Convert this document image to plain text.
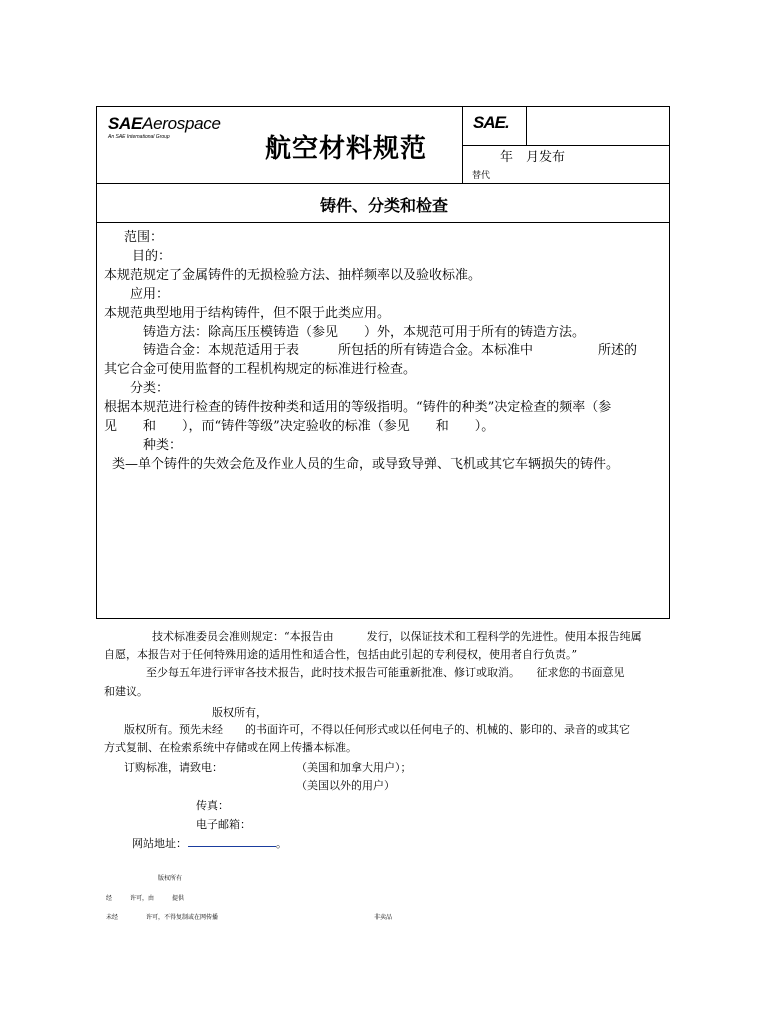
SAEAerospace
An SAE International Group	航空材料规范
SAE.
年　月发布
替代
铸件、分类和检查
范围：
目的：
本规范规定了金属铸件的无损检验方法、抽样频率以及验收标准。
应用：
本规范典型地用于结构铸件，但不限于此类应用。
铸造方法：除高压压模铸造（参见　　）外，本规范可用于所有的铸造方法。
铸造合金：本规范适用于表　　　所包括的所有铸造合金。本标准中　　　　　所述的
其它合金可使用监督的工程机构规定的标准进行检查。
分类：
根据本规范进行检查的铸件按种类和适用的等级指明。“铸件的种类”决定检查的频率（参
见　　和　　），而“铸件等级”决定验收的标准（参见　　和　　）。
种类：
类—单个铸件的失效会危及作业人员的生命，或导致导弹、飞机或其它车辆损失的铸件。
技术标准委员会准则规定：“本报告由　　　发行，以保证技术和工程科学的先进性。使用本报告纯属
自愿，本报告对于任何特殊用途的适用性和适合性，包括由此引起的专利侵权，使用者自行负责。”
至少每五年进行评审各技术报告，此时技术报告可能重新批准、修订或取消。　　征求您的书面意见
和建议。
版权所有，
版权所有。预先未经　　的书面许可，不得以任何形式或以任何电子的、机械的、影印的、录音的或其它
方式复制、在检索系统中存储或在网上传播本标准。
订购标准，请致电：	（美国和加拿大用户）；
（美国以外的用户）
传真：
电子邮箱：
网站地址：	。
版权所有
经	许可，由	提供
未经	许可，不得复制或在网传播	非卖品
